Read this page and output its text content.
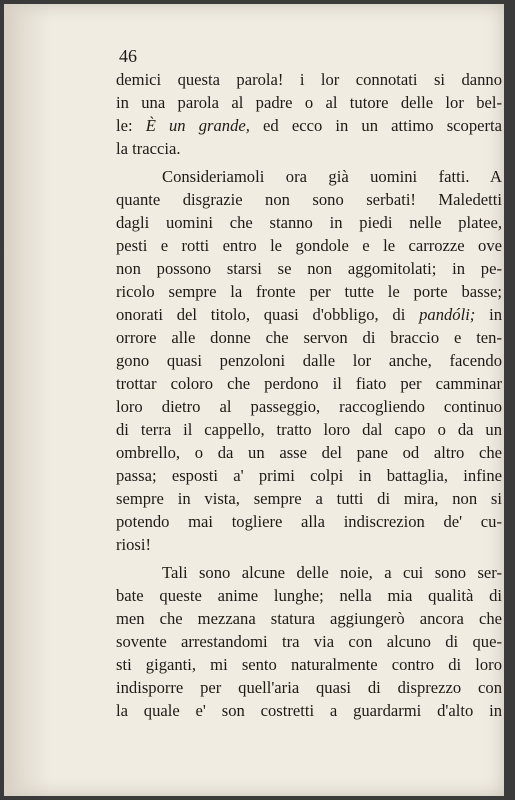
46
demici questa parola! i lor connotati si danno
in una parola al padre o al tutore delle lor bel-
le: È un grande, ed ecco in un attimo scoperta
la traccia.
Consideriamoli ora già uomini fatti. A
quante disgrazie non sono serbati! Maledetti
dagli uomini che stanno in piedi nelle platee,
pesti e rotti entro le gondole e le carrozze ove
non possono starsi se non aggomitolati; in pe-
ricolo sempre la fronte per tutte le porte basse;
onorati del titolo, quasi d'obbligo, di pandóli; in
orrore alle donne che servon di braccio e ten-
gono quasi penzoloni dalle lor anche, facendo
trottar coloro che perdono il fiato per camminar
loro dietro al passeggio, raccogliendo continuo
di terra il cappello, tratto loro dal capo o da un
ombrello, o da un asse del pane od altro che
passa; esposti a' primi colpi in battaglia, infine
sempre in vista, sempre a tutti di mira, non si
potendo mai togliere alla indiscrezion de' cu-
riosi!
Tali sono alcune delle noie, a cui sono ser-
bate queste anime lunghe; nella mia qualità di
men che mezzana statura aggiungerò ancora che
sovente arrestandomi tra via con alcuno di que-
sti giganti, mi sento naturalmente contro di loro
indisporre per quell'aria quasi di disprezzo con
la quale e' son costretti a guardarmi d'alto in
